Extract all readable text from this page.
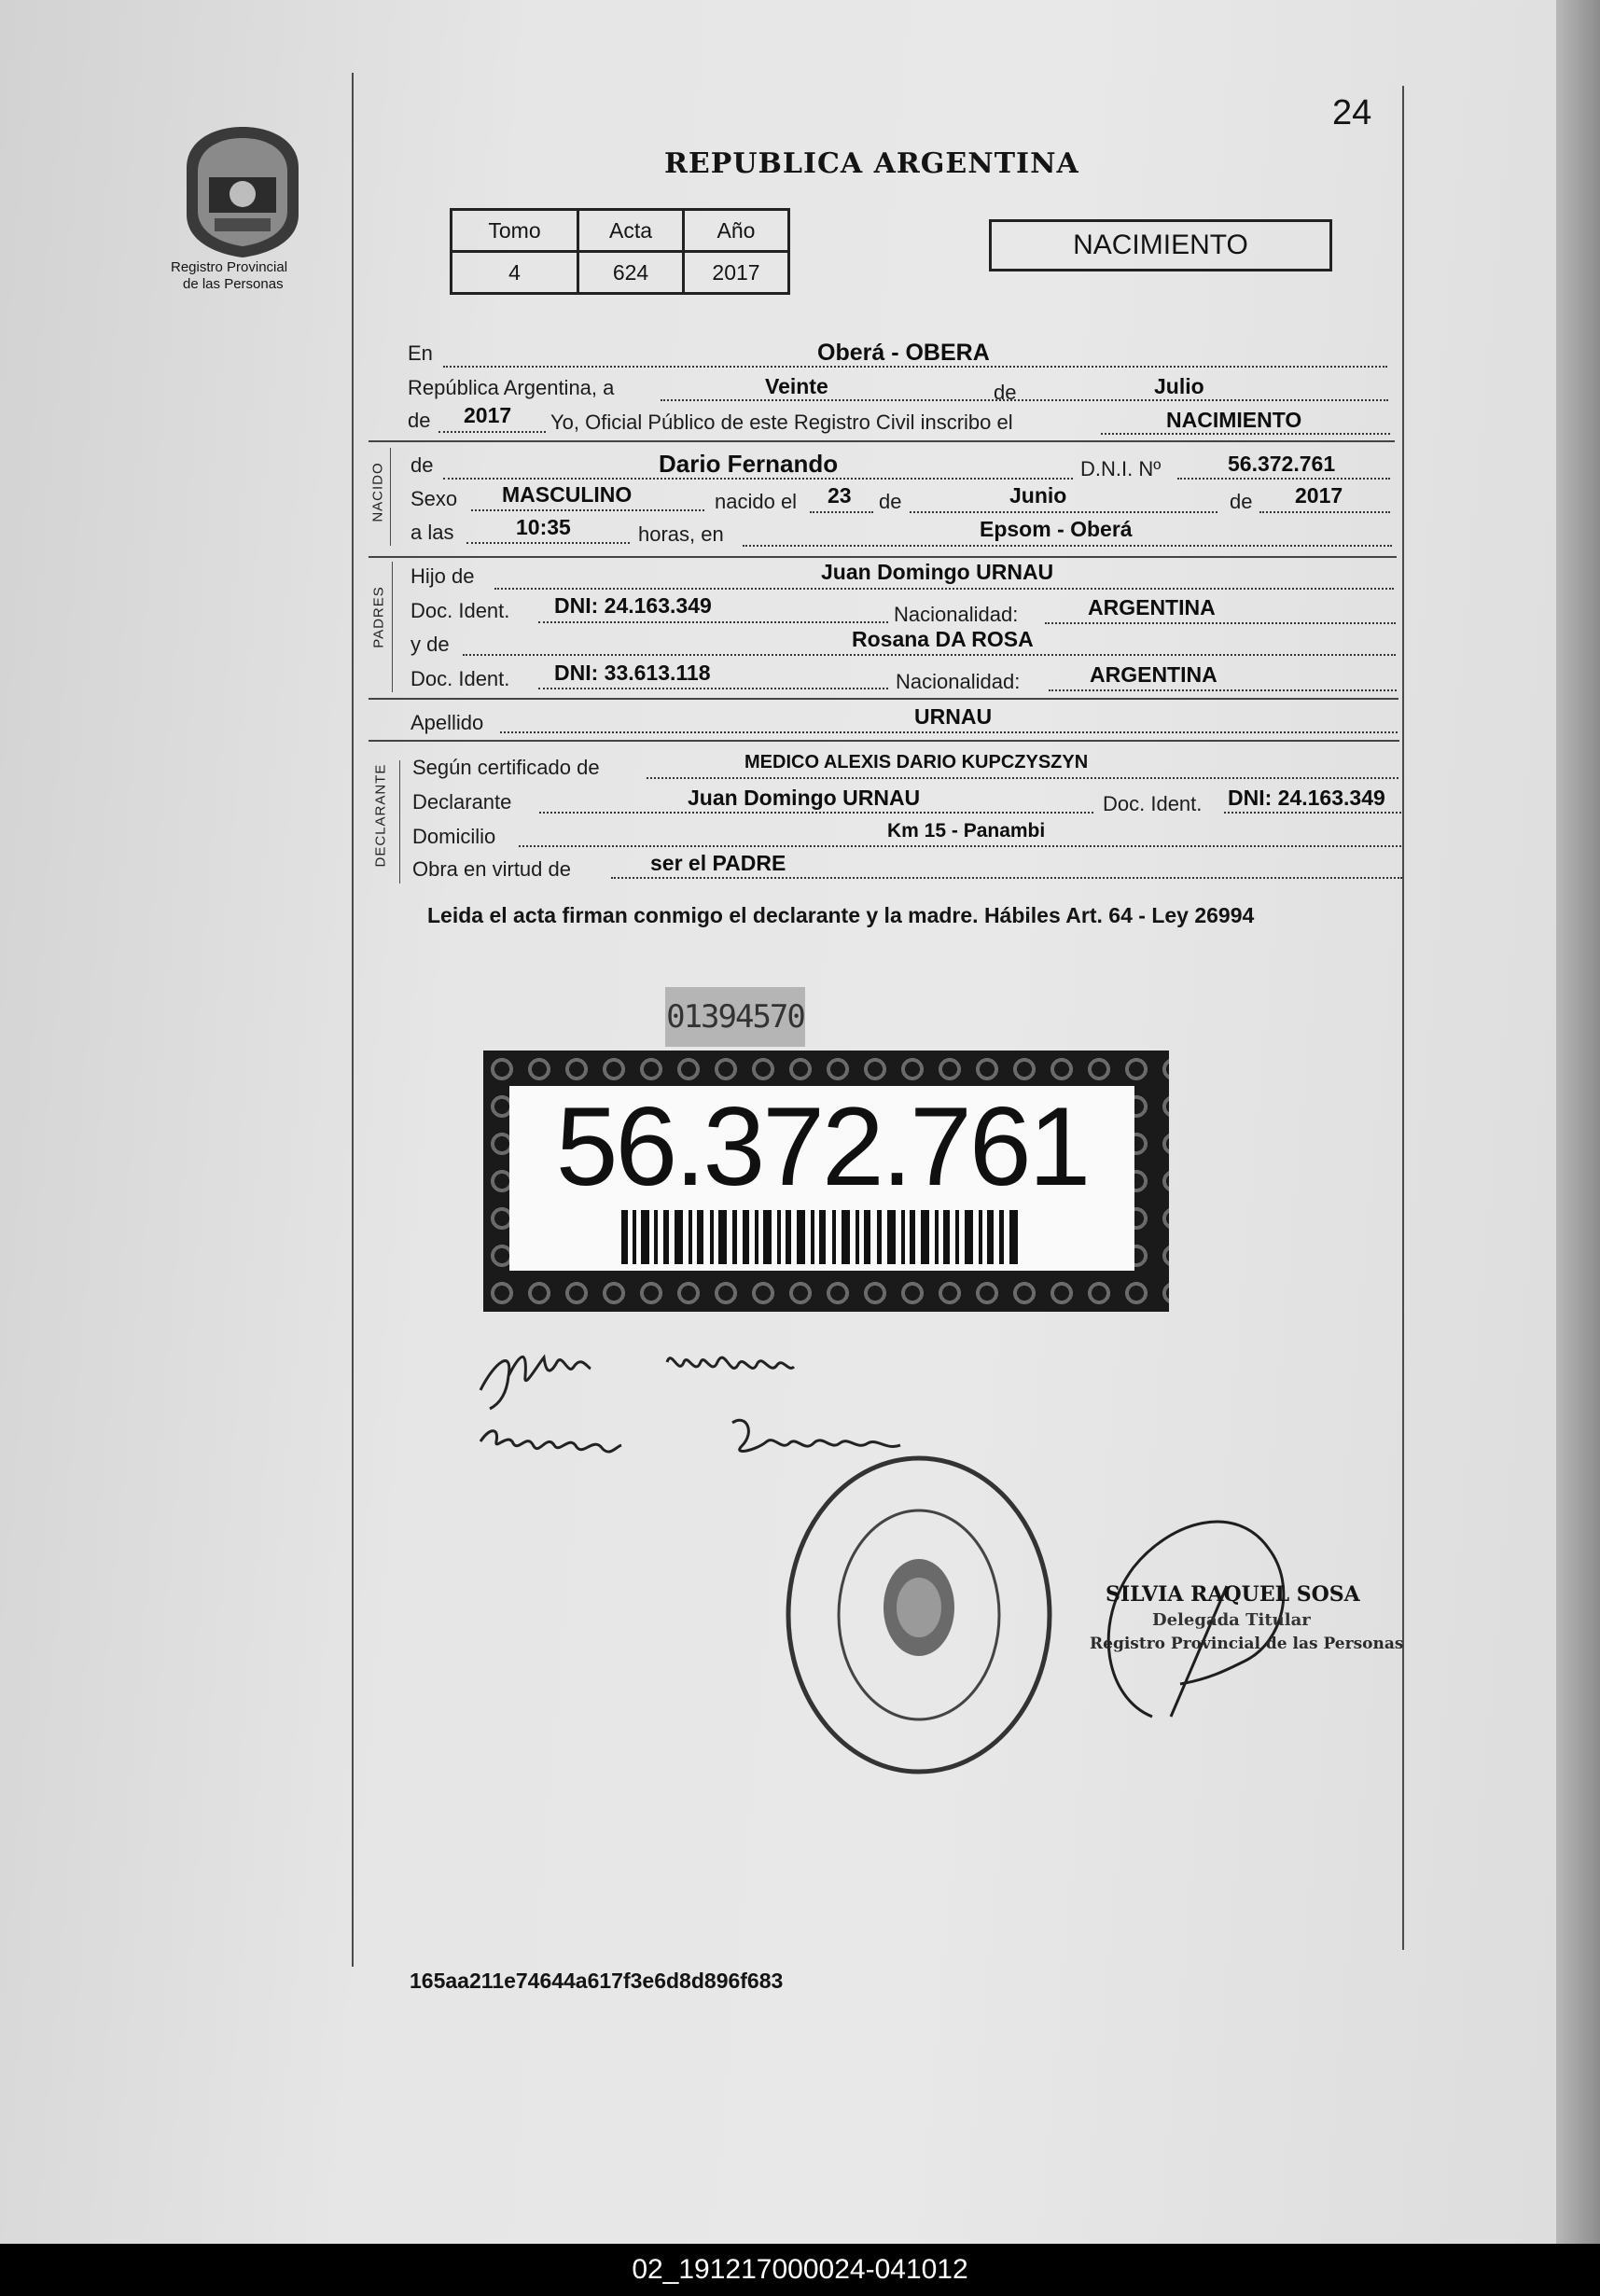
Registro Provincial
de las Personas
24
REPUBLICA ARGENTINA
Tomo	Acta	Año
4	624	2017
NACIMIENTO
En	Oberá - OBERA
República Argentina, a	Veinte	de	Julio
de 2017 Yo, Oficial Público de este Registro Civil inscribo el	NACIMIENTO
NACIDO de	Dario Fernando	D.N.I. Nº	56.372.761
Sexo MASCULINO	nacido el 23 de	Junio	de 2017
a las	10:35	horas, en	Epsom - Oberá
PADRES
Hijo de	Juan Domingo URNAU
Doc. Ident. DNI: 24.163.349	Nacionalidad:	ARGENTINA
y de	Rosana DA ROSA
Doc. Ident. DNI: 33.613.118	Nacionalidad:	ARGENTINA
Apellido	URNAU
DECLARANTE Según certificado de	MEDICO ALEXIS DARIO KUPCZYSZYN
Declarante	Juan Domingo URNAU	Doc. Ident. DNI: 24.163.349
Domicilio	Km 15 - Panambi
Obra en virtud de	ser el PADRE
Leida el acta firman conmigo el declarante y la madre. Hábiles Art. 64 - Ley 26994
01394570
56.372.761
SILVIA RAQUEL SOSA
Delegada Titular
Registro Provincial de las Personas
165aa211e74644a617f3e6d8d896f683
02_191217000024-041012
